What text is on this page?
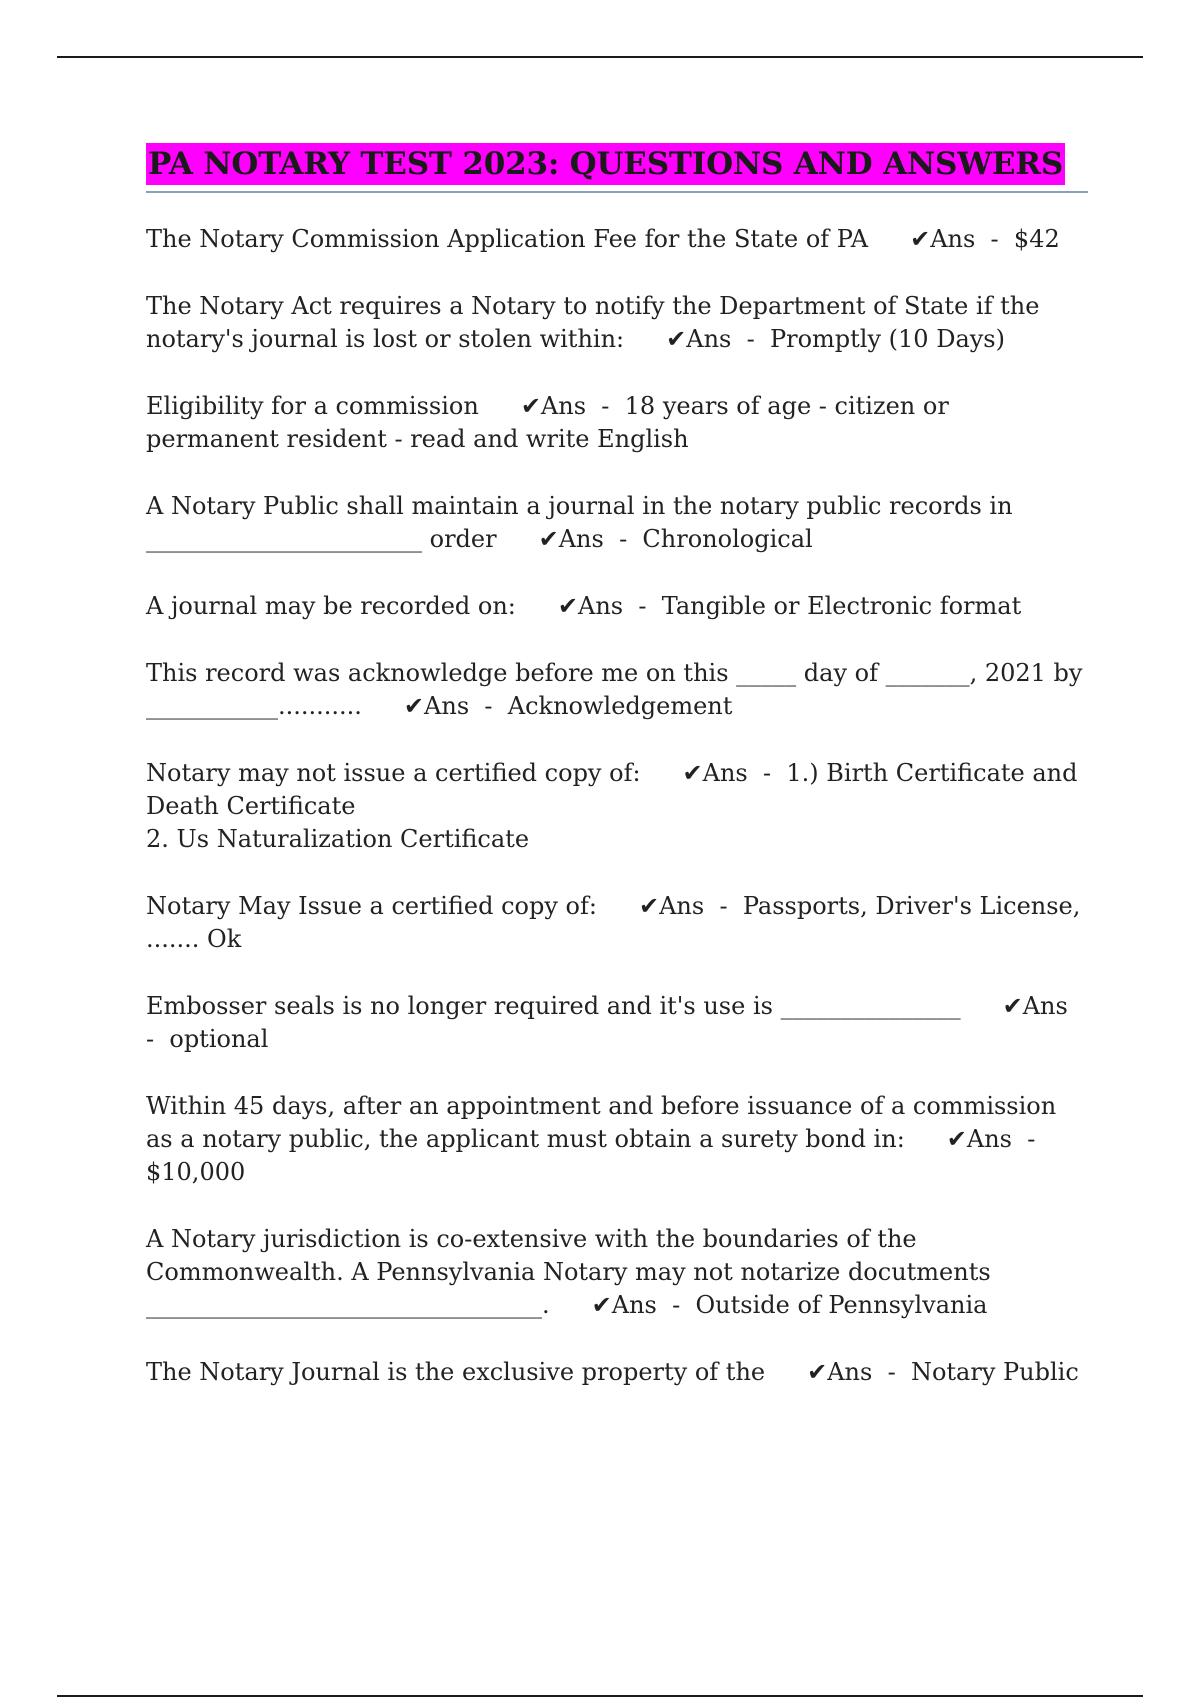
PA NOTARY TEST 2023: QUESTIONS AND ANSWERS

The Notary Commission Application Fee for the State of PA ✔Ans  -  $42

The Notary Act requires a Notary to notify the Department of State if the notary's journal is lost or stolen within: ✔Ans  -  Promptly (10 Days)

Eligibility for a commission ✔Ans  -  18 years of age - citizen or permanent resident - read and write English

A Notary Public shall maintain a journal in the notary public records in _______________________ order ✔Ans  -  Chronological

A journal may be recorded on: ✔Ans  -  Tangible or Electronic format

This record was acknowledge before me on this _____ day of _______, 2021 by ___________........... ✔Ans  -  Acknowledgement

Notary may not issue a certified copy of: ✔Ans  -  1.) Birth Certificate and Death Certificate
2. Us Naturalization Certificate

Notary May Issue a certified copy of: ✔Ans  -  Passports, Driver's License, ....... Ok

Embosser seals is no longer required and it's use is _______________ ✔Ans  -  optional

Within 45 days, after an appointment and before issuance of a commission as a notary public, the applicant must obtain a surety bond in: ✔Ans  -  $10,000

A Notary jurisdiction is co-extensive with the boundaries of the Commonwealth. A Pennsylvania Notary may not notarize docutments _________________________________. ✔Ans  -  Outside of Pennsylvania

The Notary Journal is the exclusive property of the ✔Ans  -  Notary Public
